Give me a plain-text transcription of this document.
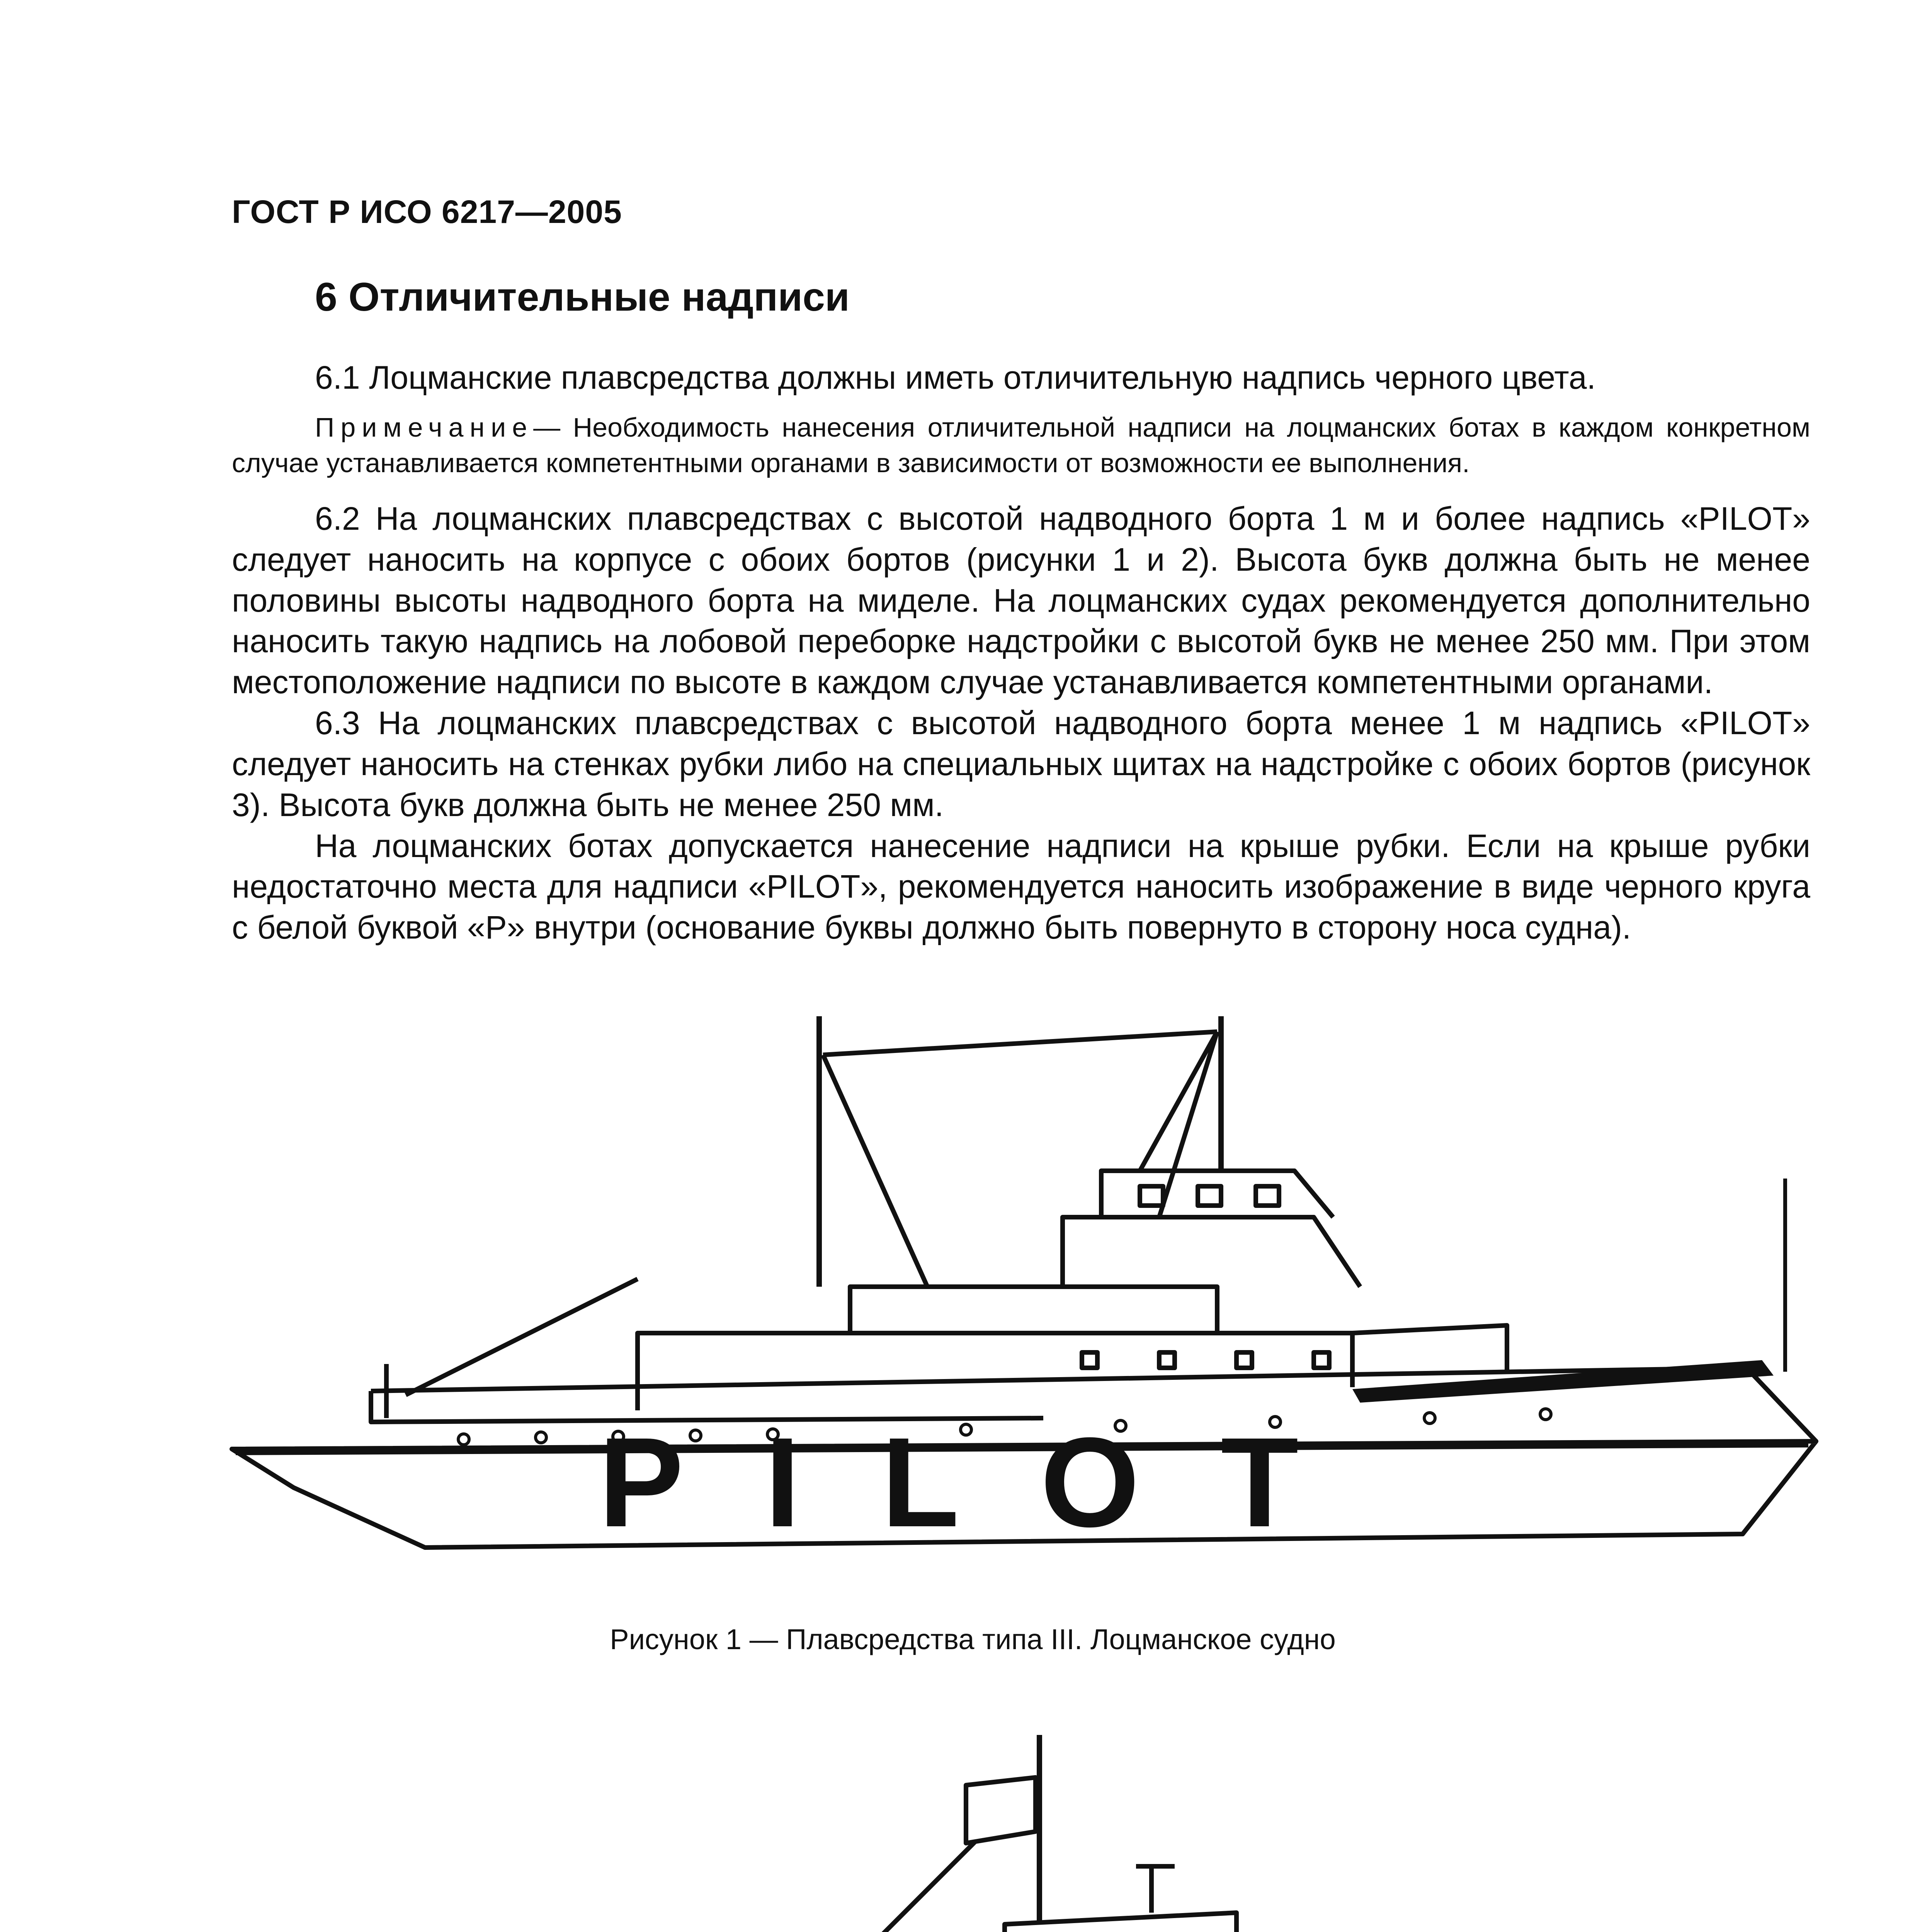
ГОСТ Р ИСО 6217—2005
6 Отличительные надписи

6.1 Лоцманские плавсредства должны иметь отличительную надпись черного цвета.

Примечание— Необходимость нанесения отличительной надписи на лоцманских ботах в каждом конкретном случае устанавливается компетентными органами в зависимости от возможности ее выполнения.

6.2 На лоцманских плавсредствах с высотой надводного борта 1 м и более надпись «PILOT» следует наносить на корпусе с обоих бортов (рисунки 1 и 2). Высота букв должна быть не менее половины высоты надводного борта на миделе. На лоцманских судах рекомендуется дополнительно наносить такую надпись на лобовой переборке надстройки с высотой букв не менее 250 мм. При этом местоположение надписи по высоте в каждом случае устанавливается компетентными органами.

6.3 На лоцманских плавсредствах с высотой надводного борта менее 1 м надпись «PILOT» следует наносить на стенках рубки либо на специальных щитах на надстройке с обоих бортов (рисунок 3). Высота букв должна быть не менее 250 мм.

На лоцманских ботах допускается нанесение надписи на крыше рубки. Если на крыше рубки недостаточно места для надписи «PILOT», рекомендуется наносить изображение в виде черного круга с белой буквой «P» внутри (основание буквы должно быть повернуто в сторону носа судна).

PILOT
Рисунок 1 — Плавсредства типа III. Лоцманское судно
